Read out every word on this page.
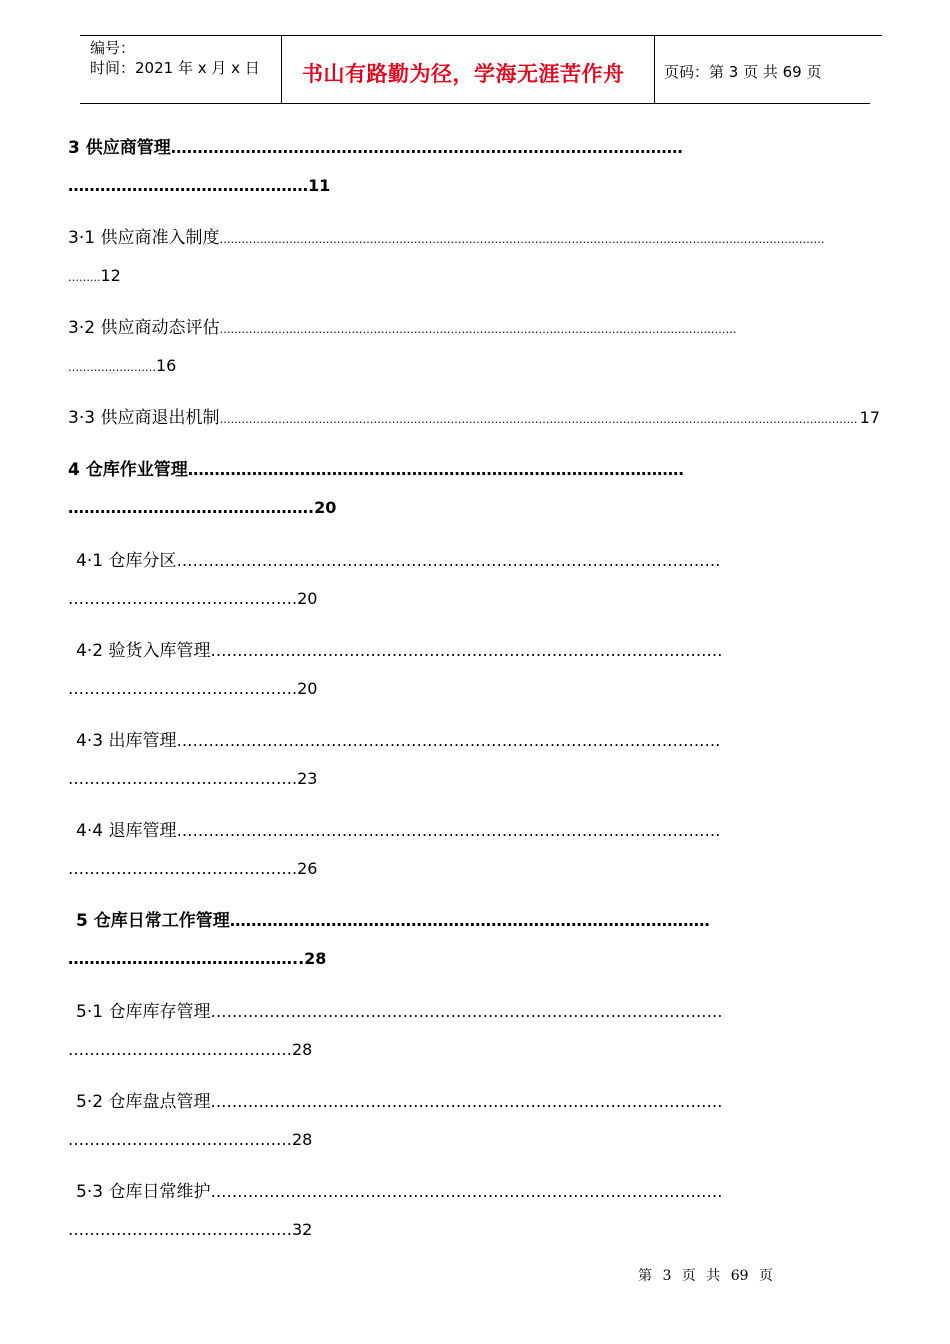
编号：
时间：2021 年 x 月 x 日 书山有路勤为径，学海无涯苦作舟	页码：第 3 页 共 69 页
3 供应商管理……………………………………………………………………………………
………………………………………11
3·1 供应商准入制度…………………………………………………………………………………………………………………………………………………
……...12
3·2 供应商动态评估……………………………………………………………………………………………………………………………
……………………16
3·3 供应商退出机制………………………………………………………………………………………………………………………………………………………… 17
4 仓库作业管理…………………………………………………………………………………
……………………………………….20
4·1 仓库分区…………………………………………………………………………………………
…………………………………….20
4·2 验货入库管理……………………………………………………………………………………
…………………………………….20
4·3 出库管理…………………………………………………………………………………………
…………………………………….23
4·4 退库管理…………………………………………………………………………………………
…………………………………….26
5 仓库日常工作管理………………………………………………………………………………
……………………………………..28
5·1 仓库库存管理……………………………………………………………………………………
……………………………………28
5·2 仓库盘点管理……………………………………………………………………………………
……………………………………28
5·3 仓库日常维护……………………………………………………………………………………
……………………………………32
第 3 页 共 69 页
